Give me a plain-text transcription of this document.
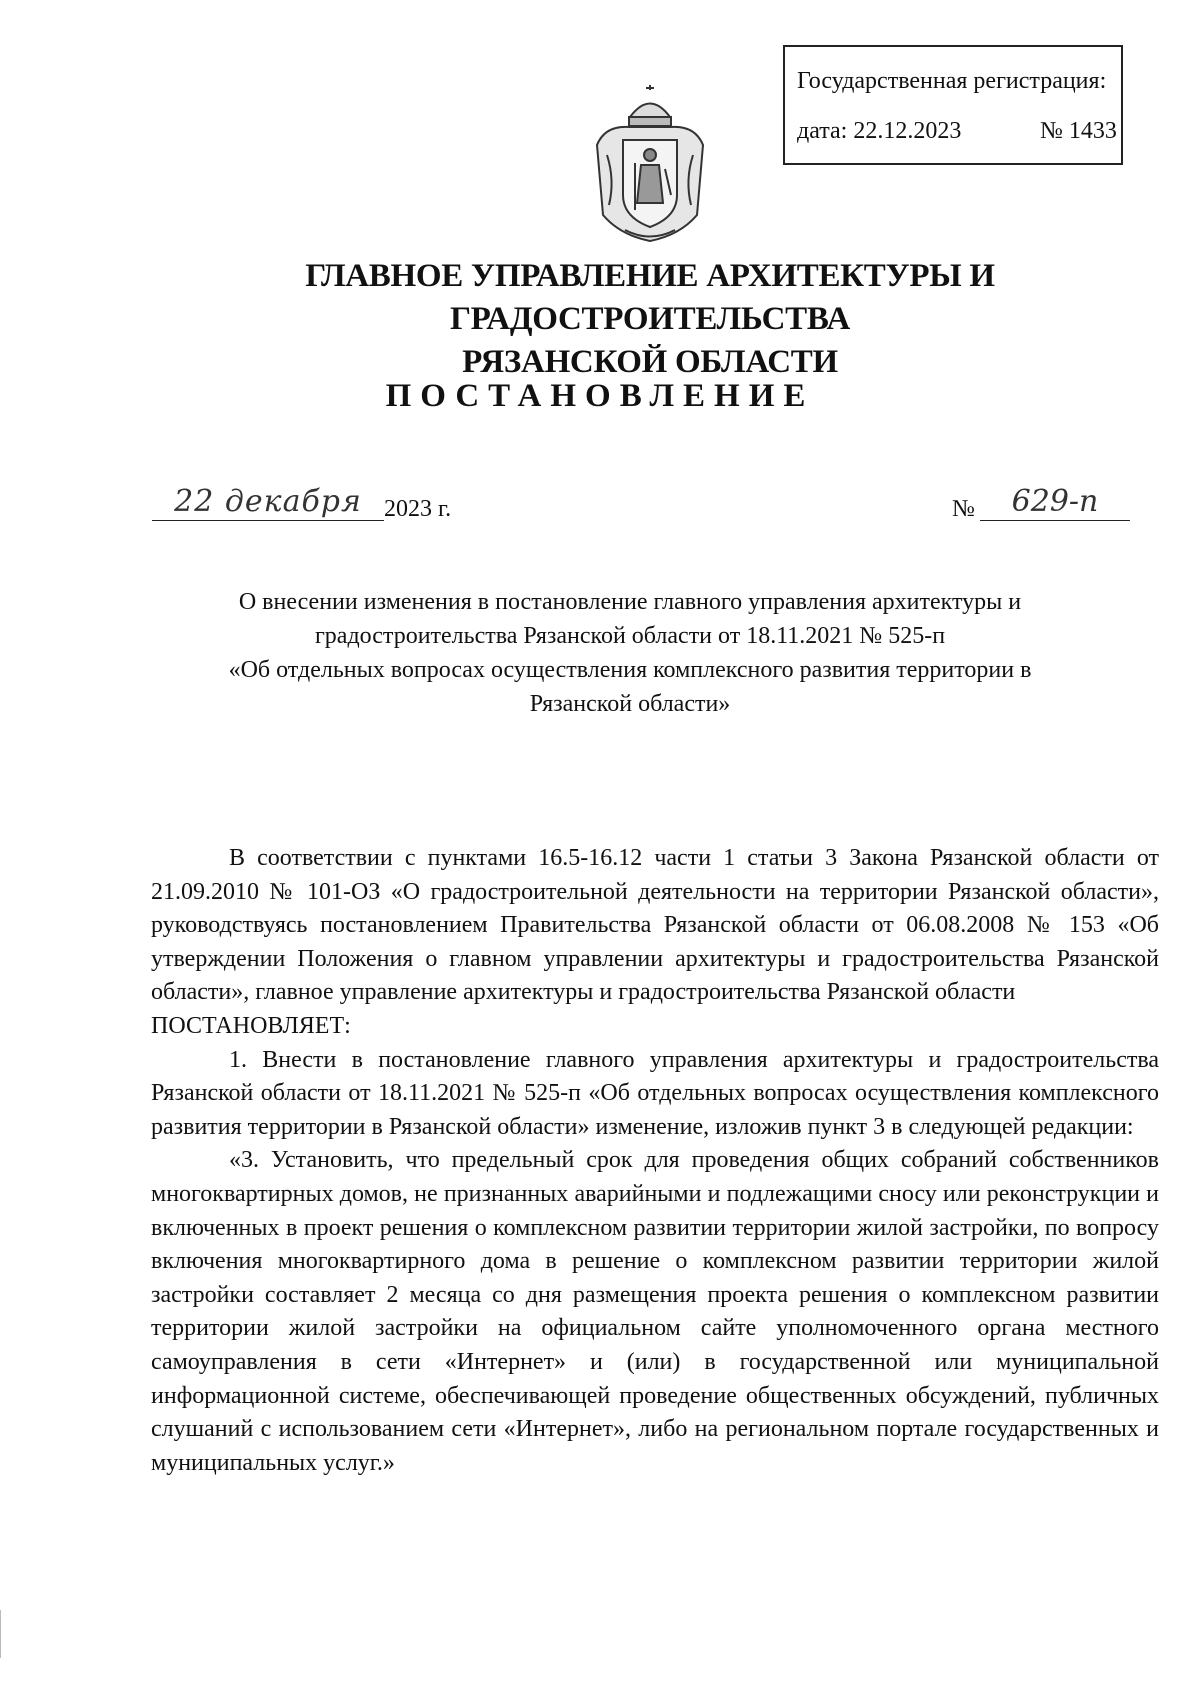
Государственная регистрация:
дата: 22.12.2023	№ 1433
ГЛАВНОЕ УПРАВЛЕНИЕ АРХИТЕКТУРЫ И ГРАДОСТРОИТЕЛЬСТВА
РЯЗАНСКОЙ ОБЛАСТИ
ПОСТАНОВЛЕНИЕ
22 декабря 2023 г.	№	629-п
О внесении изменения в постановление главного управления архитектуры и
градостроительства Рязанской области от 18.11.2021 № 525-п
«Об отдельных вопросах осуществления комплексного развития территории в
Рязанской области»

В соответствии с пунктами 16.5-16.12 части 1 статьи 3 Закона Рязанской области от 21.09.2010 № 101-ОЗ «О градостроительной деятельности на территории Рязанской области», руководствуясь постановлением Правительства Рязанской области от 06.08.2008 № 153 «Об утверждении Положения о главном управлении архитектуры и градостроительства Рязанской области», главное управление архитектуры и градостроительства Рязанской области

ПОСТАНОВЛЯЕТ:

1. Внести в постановление главного управления архитектуры и градостроительства Рязанской области от 18.11.2021 № 525-п «Об отдельных вопросах осуществления комплексного развития территории в Рязанской области» изменение, изложив пункт 3 в следующей редакции:

«3. Установить, что предельный срок для проведения общих собраний собственников многоквартирных домов, не признанных аварийными и подлежащими сносу или реконструкции и включенных в проект решения о комплексном развитии территории жилой застройки, по вопросу включения многоквартирного дома в решение о комплексном развитии территории жилой застройки составляет 2 месяца со дня размещения проекта решения о комплексном развитии территории жилой застройки на официальном сайте уполномоченного органа местного самоуправления в сети «Интернет» и (или) в государственной или муниципальной информационной системе, обеспечивающей проведение общественных обсуждений, публичных слушаний с использованием сети «Интернет», либо на региональном портале государственных и муниципальных услуг.»
